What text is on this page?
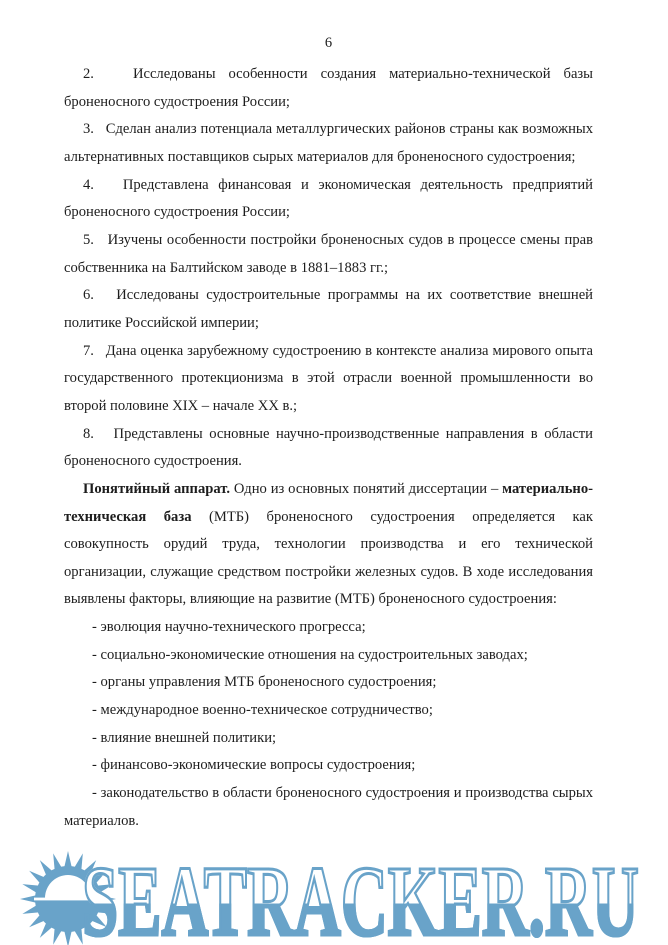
6

2.   Исследованы особенности создания материально-технической базы броненосного судостроения России;

3.   Сделан анализ потенциала металлургических районов страны как возможных альтернативных поставщиков сырых материалов для броненосного судостроения;

4.   Представлена финансовая и экономическая деятельность предприятий броненосного судостроения России;

5.   Изучены особенности постройки броненосных судов в процессе смены прав собственника на Балтийском заводе в 1881–1883 гг.;

6.   Исследованы судостроительные программы на их соответствие внешней политике Российской империи;

7.   Дана оценка зарубежному судостроению в контексте анализа мирового опыта государственного протекционизма в этой отрасли военной промышленности во второй половине XIX – начале XX в.;

8.   Представлены основные научно-производственные направления в области броненосного судостроения.

Понятийный аппарат. Одно из основных понятий диссертации – материально-техническая база (МТБ) броненосного судостроения определяется как совокупность орудий труда, технологии производства и его технической организации, служащие средством постройки железных судов. В ходе исследования выявлены факторы, влияющие на развитие (МТБ) броненосного судостроения:

- эволюция научно-технического прогресса;

- социально-экономические отношения на судостроительных заводах;

- органы управления МТБ броненосного судостроения;

- международное военно-техническое сотрудничество;

- влияние внешней политики;

- финансово-экономические вопросы судостроения;

- законодательство в области броненосного судостроения и производства сырых материалов.

SEATRACKER.RU
